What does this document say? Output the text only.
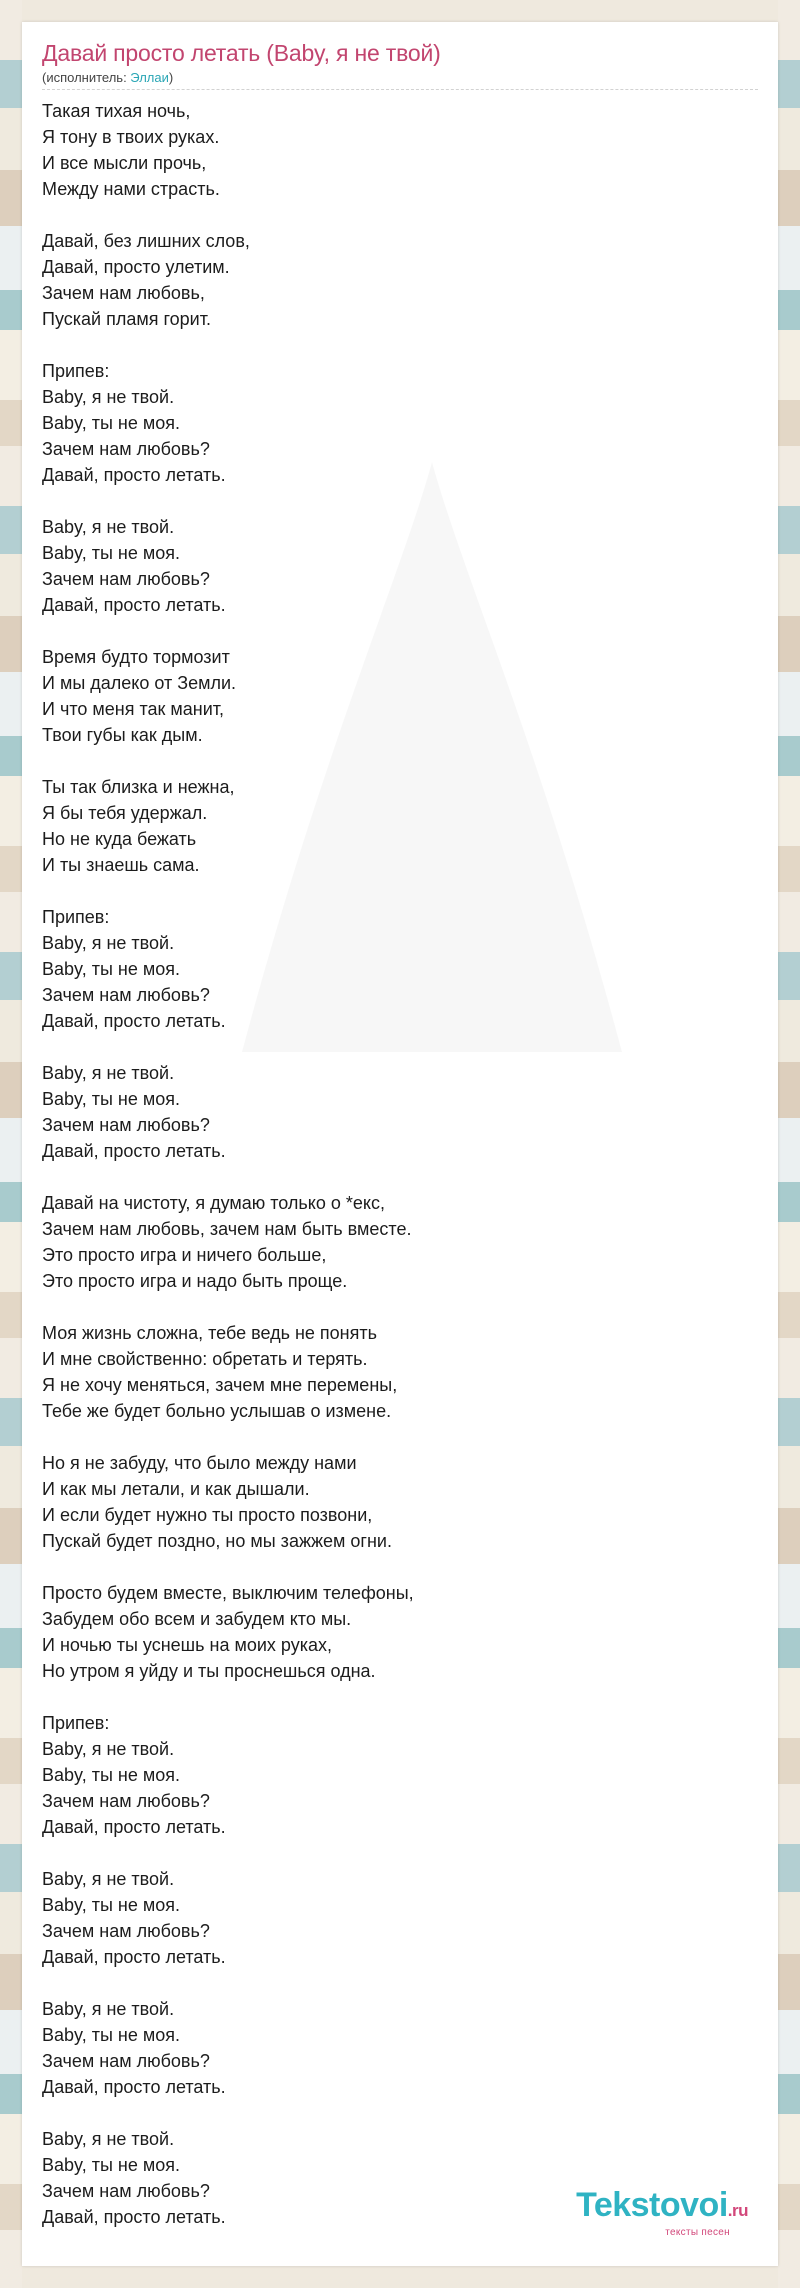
Давай просто летать (Baby, я не твой)
(исполнитель: Эллаи)
Такая тихая ночь,
Я тону в твоих руках.
И все мысли прочь,
Между нами страсть.
Давай, без лишних слов,
Давай, просто улетим.
Зачем нам любовь,
Пускай пламя горит.
Припев:
Baby, я не твой.
Baby, ты не моя.
Зачем нам любовь?
Давай, просто летать.
Baby, я не твой.
Baby, ты не моя.
Зачем нам любовь?
Давай, просто летать.
Время будто тормозит
И мы далеко от Земли.
И что меня так манит,
Твои губы как дым.
Ты так близка и нежна,
Я бы тебя удержал.
Но не куда бежать
И ты знаешь сама.
Припев:
Baby, я не твой.
Baby, ты не моя.
Зачем нам любовь?
Давай, просто летать.
Baby, я не твой.
Baby, ты не моя.
Зачем нам любовь?
Давай, просто летать.
Давай на чистоту, я думаю только о *екс,
Зачем нам любовь, зачем нам быть вместе.
Это просто игра и ничего больше,
Это просто игра и надо быть проще.
Моя жизнь сложна, тебе ведь не понять
И мне свойственно: обретать и терять.
Я не хочу меняться, зачем мне перемены,
Тебе же будет больно услышав о измене.
Но я не забуду, что было между нами
И как мы летали, и как дышали.
И если будет нужно ты просто позвони,
Пускай будет поздно, но мы зажжем огни.
Просто будем вместе, выключим телефоны,
Забудем обо всем и забудем кто мы.
И ночью ты уснешь на моих руках,
Но утром я уйду и ты проснешься одна.
Припев:
Baby, я не твой.
Baby, ты не моя.
Зачем нам любовь?
Давай, просто летать.
Baby, я не твой.
Baby, ты не моя.
Зачем нам любовь?
Давай, просто летать.
Baby, я не твой.
Baby, ты не моя.
Зачем нам любовь?
Давай, просто летать.
Baby, я не твой.
Baby, ты не моя.
Зачем нам любовь?
Давай, просто летать.	Tekstovoi.ru
тексты песен
